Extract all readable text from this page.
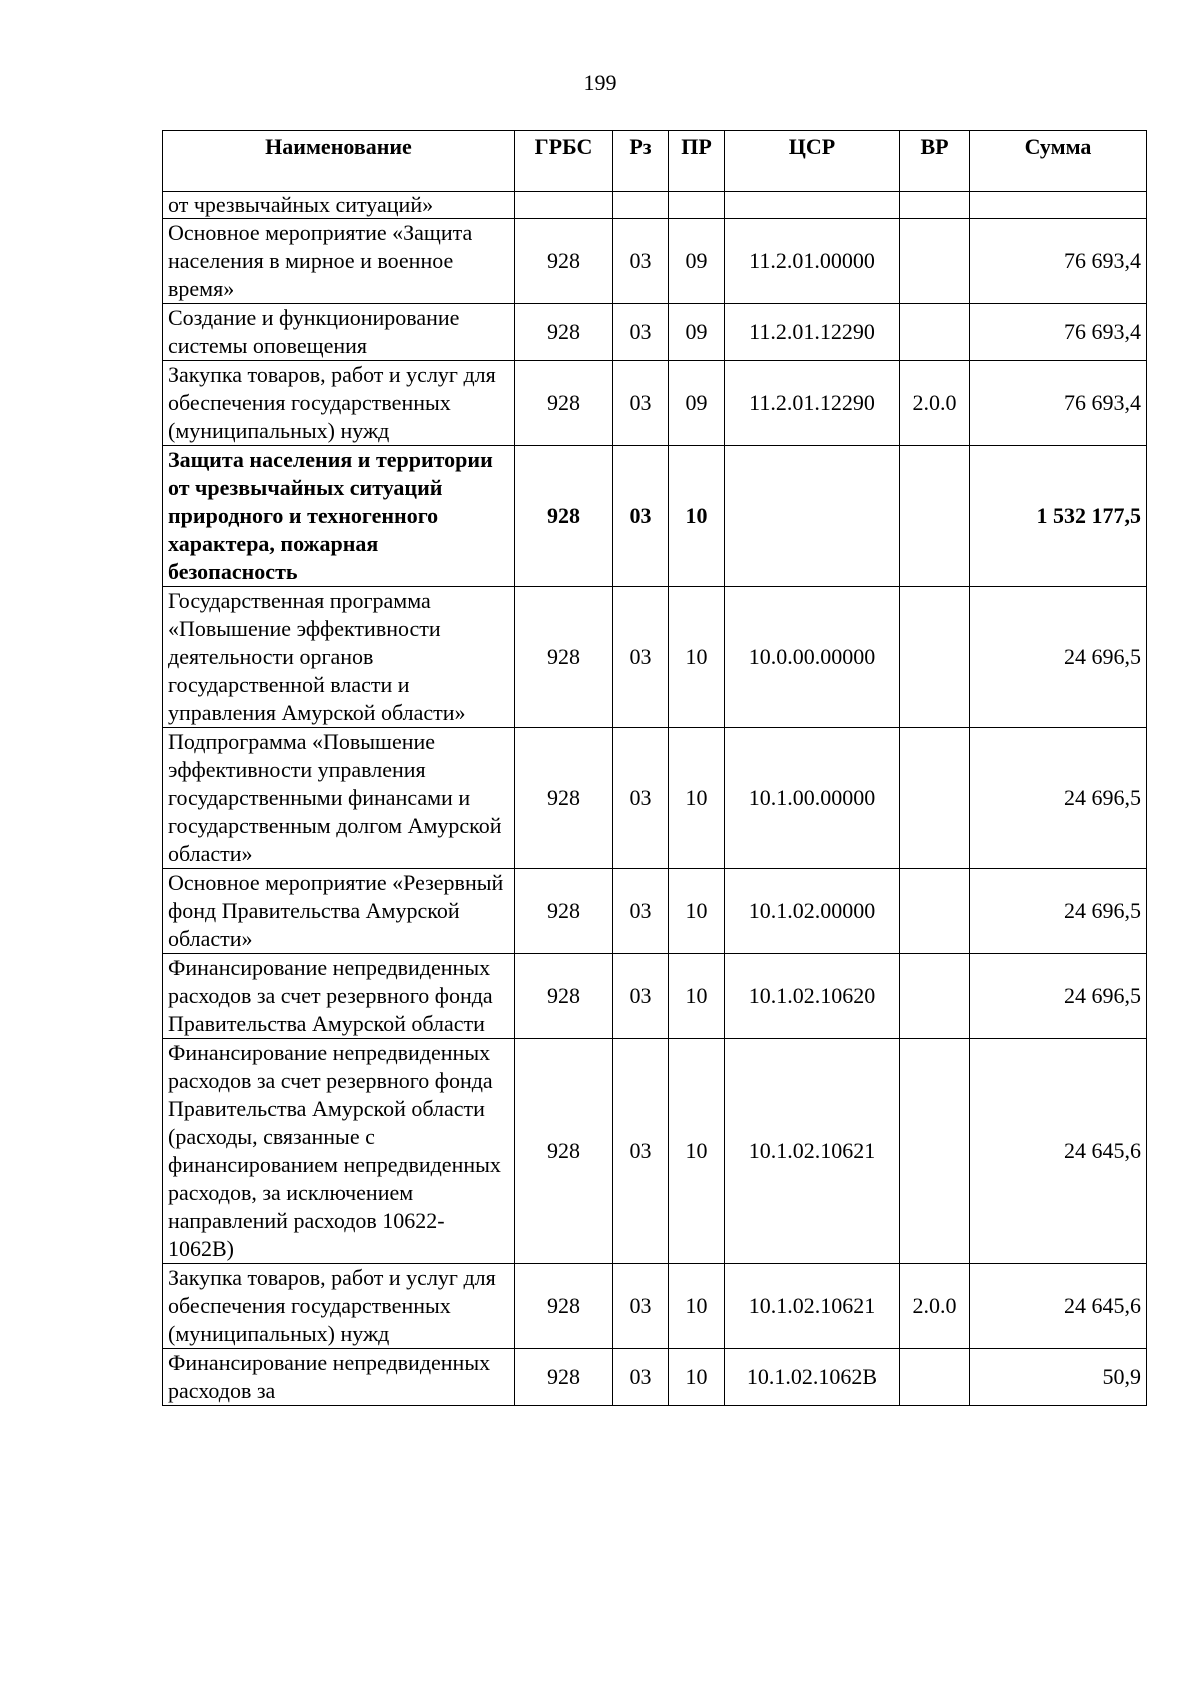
199
Наименование	ГРБС	Рз	ПР	ЦСР	ВР	Сумма
от чрезвычайных ситуаций»						
Основное мероприятие «Защита населения в мирное и военное время»	928	03	09	11.2.01.00000		76 693,4
Создание и функционирование системы оповещения	928	03	09	11.2.01.12290		76 693,4
Закупка товаров, работ и услуг для обеспечения государственных (муниципальных) нужд	928	03	09	11.2.01.12290	2.0.0	76 693,4
Защита населения и территории от чрезвычайных ситуаций природного и техногенного характера, пожарная безопасность	928	03	10			1 532 177,5
Государственная программа «Повышение эффективности деятельности органов государственной власти и управления Амурской области»	928	03	10	10.0.00.00000		24 696,5
Подпрограмма «Повышение эффективности управления государственными финансами и государственным долгом Амурской области»	928	03	10	10.1.00.00000		24 696,5
Основное мероприятие «Резервный фонд Правительства Амурской области»	928	03	10	10.1.02.00000		24 696,5
Финансирование непредвиденных расходов за счет резервного фонда Правительства Амурской области	928	03	10	10.1.02.10620		24 696,5
Финансирование непредвиденных расходов за счет резервного фонда Правительства Амурской области (расходы, связанные с финансированием непредвиденных расходов, за исключением направлений расходов 10622-1062В)	928	03	10	10.1.02.10621		24 645,6
Закупка товаров, работ и услуг для обеспечения государственных (муниципальных) нужд	928	03	10	10.1.02.10621	2.0.0	24 645,6
Финансирование непредвиденных расходов за	928	03	10	10.1.02.1062В		50,9
